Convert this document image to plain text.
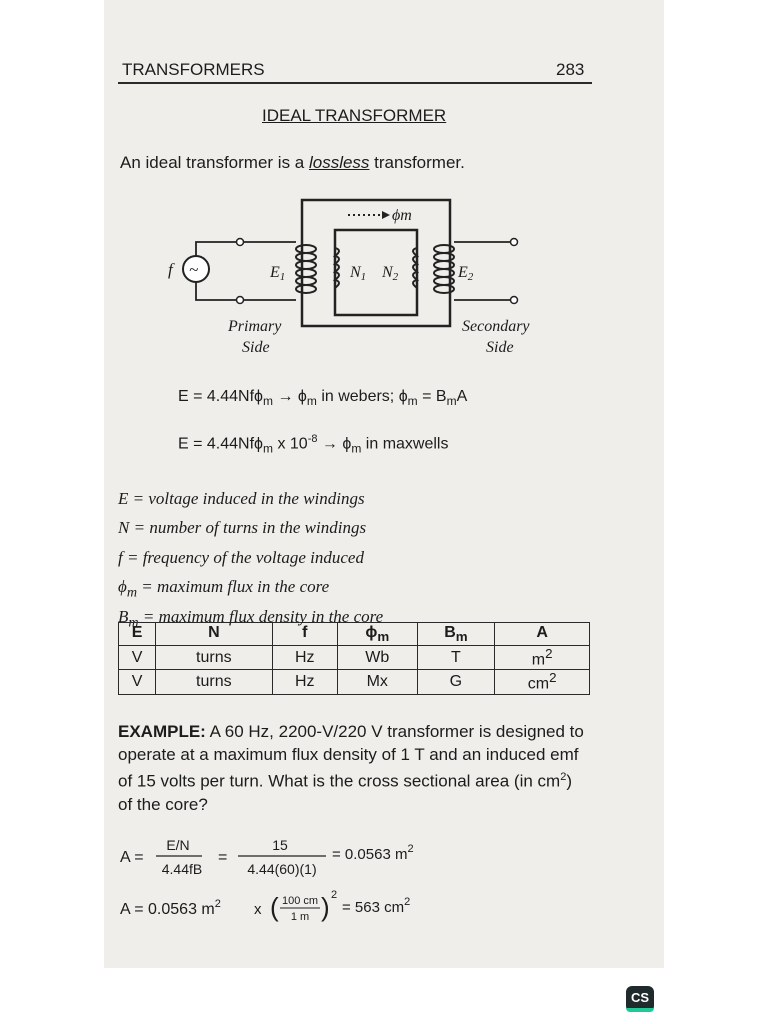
TRANSFORMERS	283
IDEAL TRANSFORMER
An ideal transformer is a lossless transformer.
ϕm
~
f	E1	N1 N2	E2
Primary
Side
Secondary
Side
$E = 4.44Nf\phi_m \to \phi_m$ in webers; $\phi_m = B_mA$
E = 4.44Nfϕ$_m$ x $10^{-8} \to \phi_m$ in maxwells
E = voltage induced in the windings
N = number of turns in the windings
f = frequency of the voltage induced
$\phi_m$ = maximum flux in the core
$B_m$ = maximum flux density in the core
E	N	f	$\phi_m$	$B_m$	A
V	turns	Hz	Wb	T	$m^2$
V	turns	Hz	Mx	G	$cm^2$
EXAMPLE: A 60 Hz, 2200-V/220 V transformer is designed to operate at a maximum flux density of 1 T and an induced emf of 15 volts per turn. What is the cross sectional area (in $cm^2$) of the core?
A =
E/N
4.44fB
=
15
4.44(60)(1)
= 0.0563 $m^2$
A = 0.0563 $m^2$ x ( 100 cm
1 m ) 2
= 563 $cm^2$
CS
